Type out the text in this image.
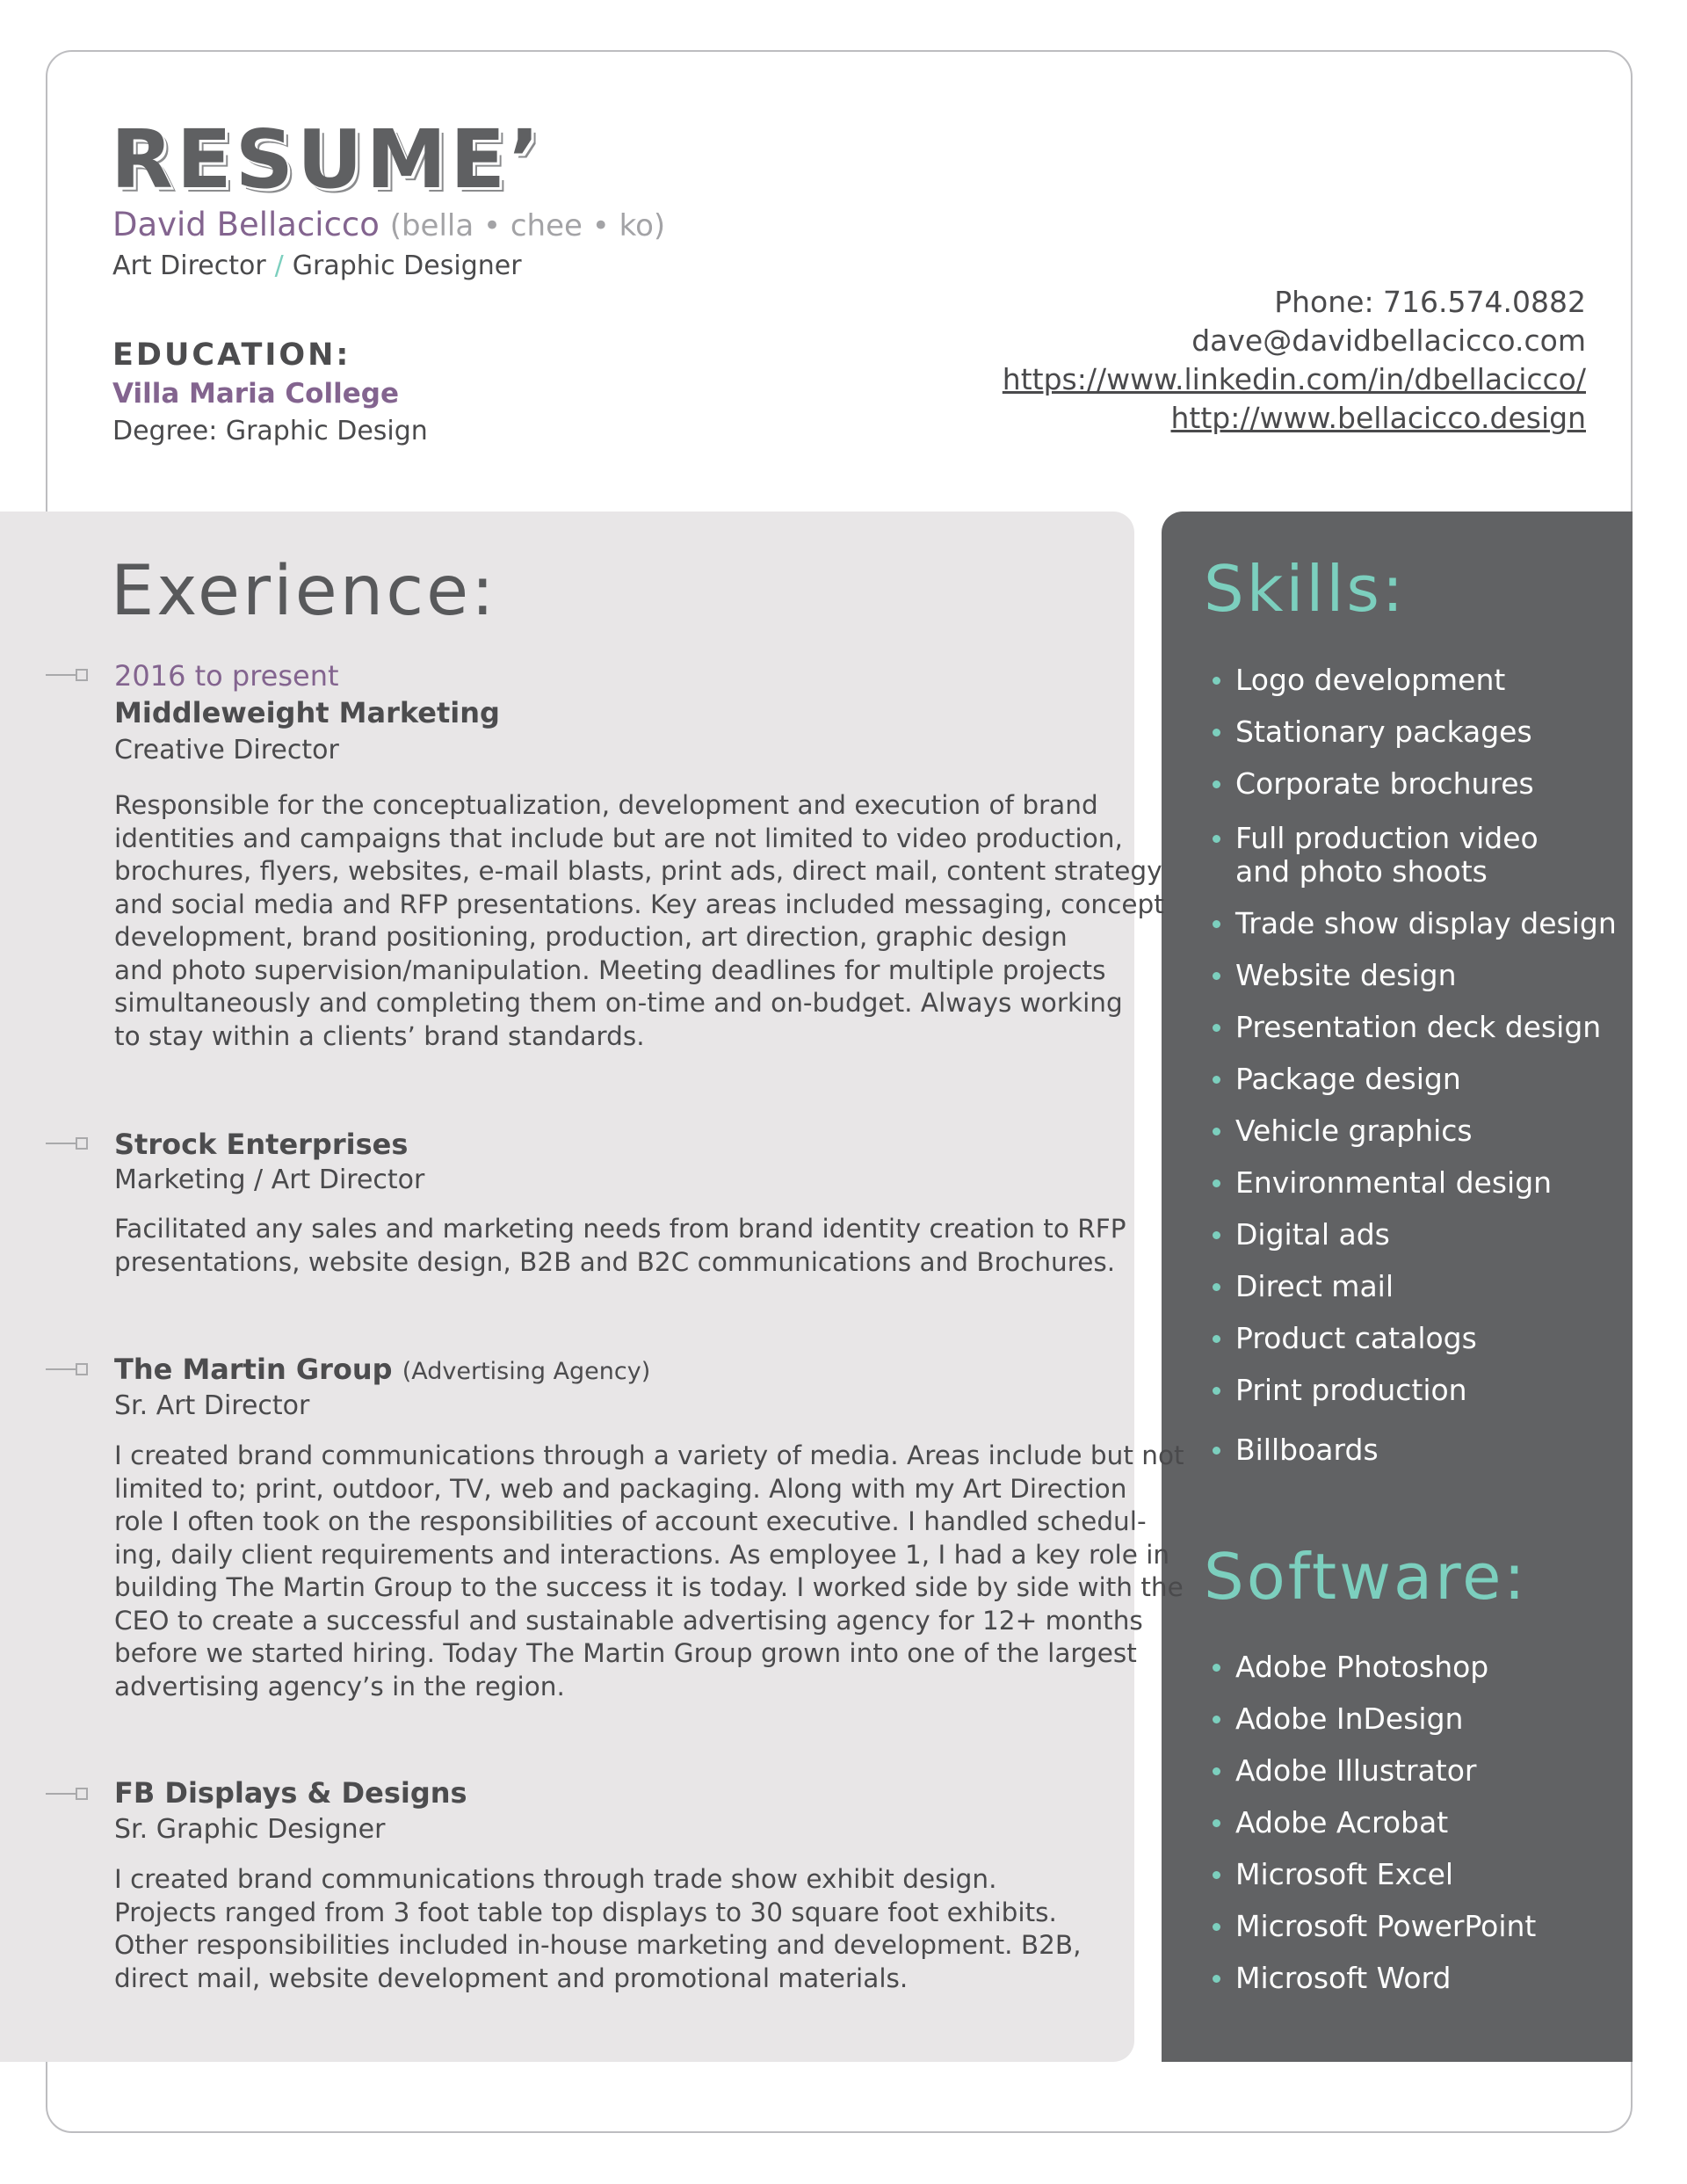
RESUME’
David Bellacicco (bella • chee • ko)
Art Director / Graphic Designer
EDUCATION:
Villa Maria College
Degree: Graphic Design
Phone: 716.574.0882
dave@davidbellacicco.com
https://www.linkedin.com/in/dbellacicco/
http://www.bellacicco.design
Exerience:
2016 to present
Middleweight Marketing
Creative Director
Responsible for the conceptualization, development and execution of brand
identities and campaigns that include but are not limited to video production,
brochures, flyers, websites, e-mail blasts, print ads, direct mail, content strategy
and social media and RFP presentations. Key areas included messaging, concept
development, brand positioning, production, art direction, graphic design
and photo supervision/manipulation. Meeting deadlines for multiple projects
simultaneously and completing them on-time and on-budget. Always working
to stay within a clients’ brand standards.
Strock Enterprises
Marketing / Art Director
Facilitated any sales and marketing needs from brand identity creation to RFP
presentations, website design, B2B and B2C communications and Brochures.
The Martin Group (Advertising Agency)
Sr. Art Director
I created brand communications through a variety of media. Areas include but not
limited to; print, outdoor, TV, web and packaging. Along with my Art Direction
role I often took on the responsibilities of account executive. I handled schedul-
ing, daily client requirements and interactions. As employee 1, I had a key role in
building The Martin Group to the success it is today. I worked side by side with the
CEO to create a successful and sustainable advertising agency for 12+ months
before we started hiring. Today The Martin Group grown into one of the largest
advertising agency’s in the region.
FB Displays & Designs
Sr. Graphic Designer
I created brand communications through trade show exhibit design.
Projects ranged from 3 foot table top displays to 30 square foot exhibits.
Other responsibilities included in-house marketing and development. B2B,
direct mail, website development and promotional materials.
Skills:
Logo development
Stationary packages
Corporate brochures
Full production video
and photo shoots
Trade show display design
Website design
Presentation deck design
Package design
Vehicle graphics
Environmental design
Digital ads
Direct mail
Product catalogs
Print production
Billboards
Software:
Adobe Photoshop
Adobe InDesign
Adobe Illustrator
Adobe Acrobat
Microsoft Excel
Microsoft PowerPoint
Microsoft Word
